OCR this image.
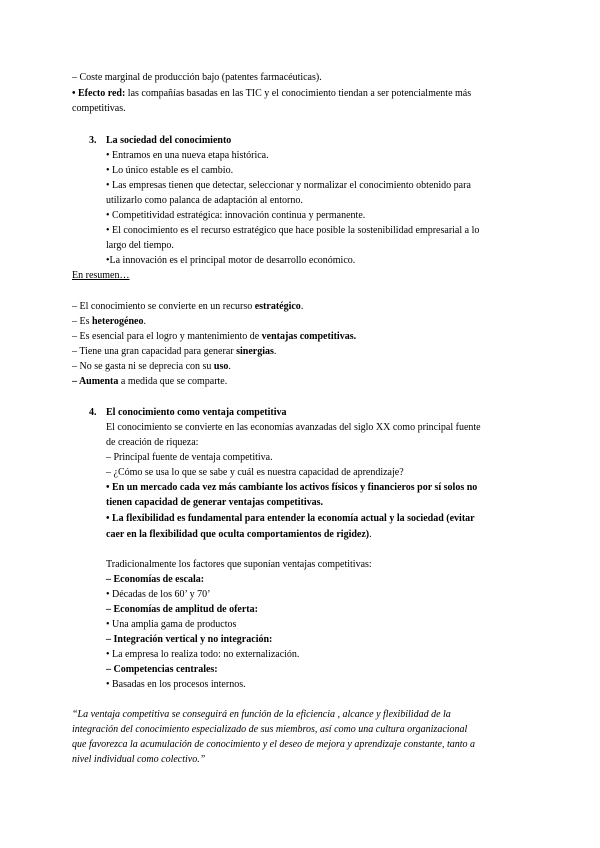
– Coste marginal de producción bajo (patentes farmacéuticas).
• Efecto red: las compañías basadas en las TIC y el conocimiento tiendan a ser potencialmente más
competitivas.
3. La sociedad del conocimiento
• Entramos en una nueva etapa histórica.
• Lo único estable es el cambio.
• Las empresas tienen que detectar, seleccionar y normalizar el conocimiento obtenido para
utilizarlo como palanca de adaptación al entorno.
• Competitividad estratégica: innovación continua y permanente.
• El conocimiento es el recurso estratégico que hace posible la sostenibilidad empresarial a lo
largo del tiempo.
•La innovación es el principal motor de desarrollo económico.
En resumen…
– El conocimiento se convierte en un recurso estratégico.
– Es heterogéneo.
– Es esencial para el logro y mantenimiento de ventajas competitivas.
– Tiene una gran capacidad para generar sinergias.
– No se gasta ni se deprecia con su uso.
– Aumenta a medida que se comparte.
4. El conocimiento como ventaja competitiva
El conocimiento se convierte en las economías avanzadas del siglo XX como principal fuente
de creación de riqueza:
– Principal fuente de ventaja competitiva.
– ¿Cómo se usa lo que se sabe y cuál es nuestra capacidad de aprendizaje?
• En un mercado cada vez más cambiante los activos físicos y financieros por sí solos no
tienen capacidad de generar ventajas competitivas.
• La flexibilidad es fundamental para entender la economía actual y la sociedad (evitar
caer en la flexibilidad que oculta comportamientos de rigidez).
Tradicionalmente los factores que suponían ventajas competitivas:
– Economías de escala:
• Décadas de los 60’ y 70’
– Economías de amplitud de oferta:
• Una amplia gama de productos
– Integración vertical y no integración:
• La empresa lo realiza todo: no externalización.
– Competencias centrales:
• Basadas en los procesos internos.
“La ventaja competitiva se conseguirá en función de la eficiencia , alcance y flexibilidad de la
integración del conocimiento especializado de sus miembros, así como una cultura organizacional
que favorezca la acumulación de conocimiento y el deseo de mejora y aprendizaje constante, tanto a
nivel individual como colectivo.”
